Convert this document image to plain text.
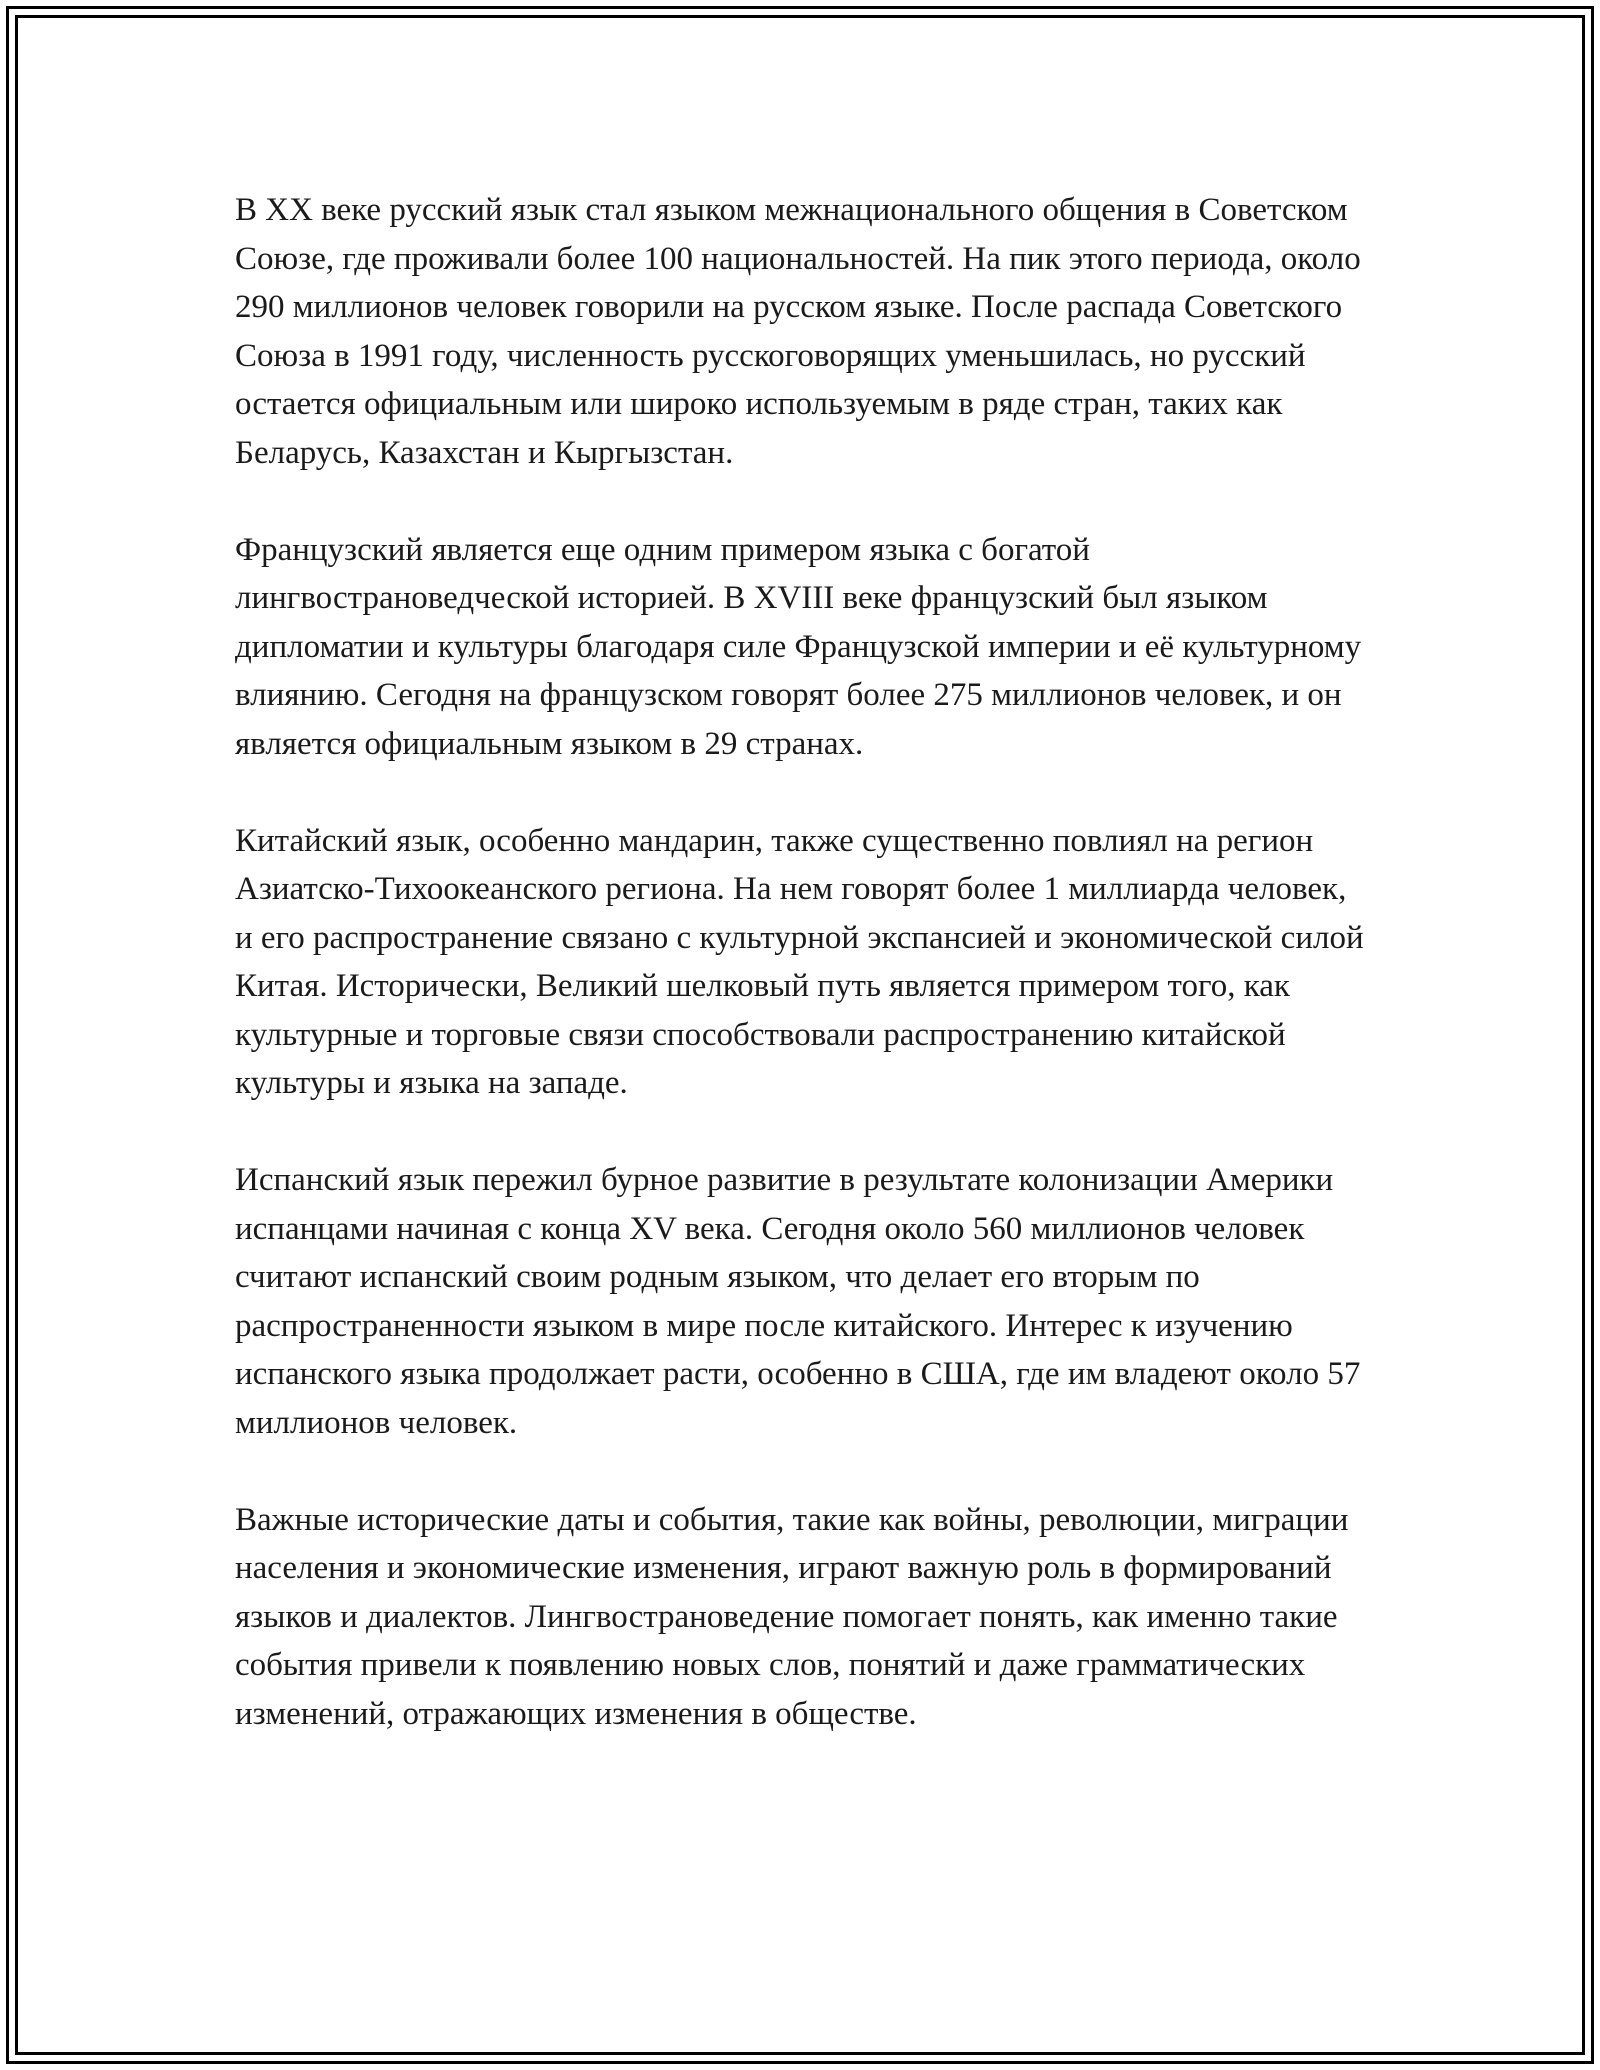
В XX веке русский язык стал языком межнационального общения в Советском Союзе, где проживали более 100 национальностей. На пик этого периода, около 290 миллионов человек говорили на русском языке. После распада Советского Союза в 1991 году, численность русскоговорящих уменьшилась, но русский остается официальным или широко используемым в ряде стран, таких как Беларусь, Казахстан и Кыргызстан.

Французский является еще одним примером языка с богатой лингвострановедческой историей. В XVIII веке французский был языком дипломатии и культуры благодаря силе Французской империи и её культурному влиянию. Сегодня на французском говорят более 275 миллионов человек, и он является официальным языком в 29 странах.

Китайский язык, особенно мандарин, также существенно повлиял на регион Азиатско-Тихоокеанского региона. На нем говорят более 1 миллиарда человек, и его распространение связано с культурной экспансией и экономической силой Китая. Исторически, Великий шелковый путь является примером того, как культурные и торговые связи способствовали распространению китайской культуры и языка на западе.

Испанский язык пережил бурное развитие в результате колонизации Америки испанцами начиная с конца XV века. Сегодня около 560 миллионов человек считают испанский своим родным языком, что делает его вторым по распространенности языком в мире после китайского. Интерес к изучению испанского языка продолжает расти, особенно в США, где им владеют около 57 миллионов человек.

Важные исторические даты и события, такие как войны, революции, миграции населения и экономические изменения, играют важную роль в формирований языков и диалектов. Лингвострановедение помогает понять, как именно такие события привели к появлению новых слов, понятий и даже грамматических изменений, отражающих изменения в обществе.
